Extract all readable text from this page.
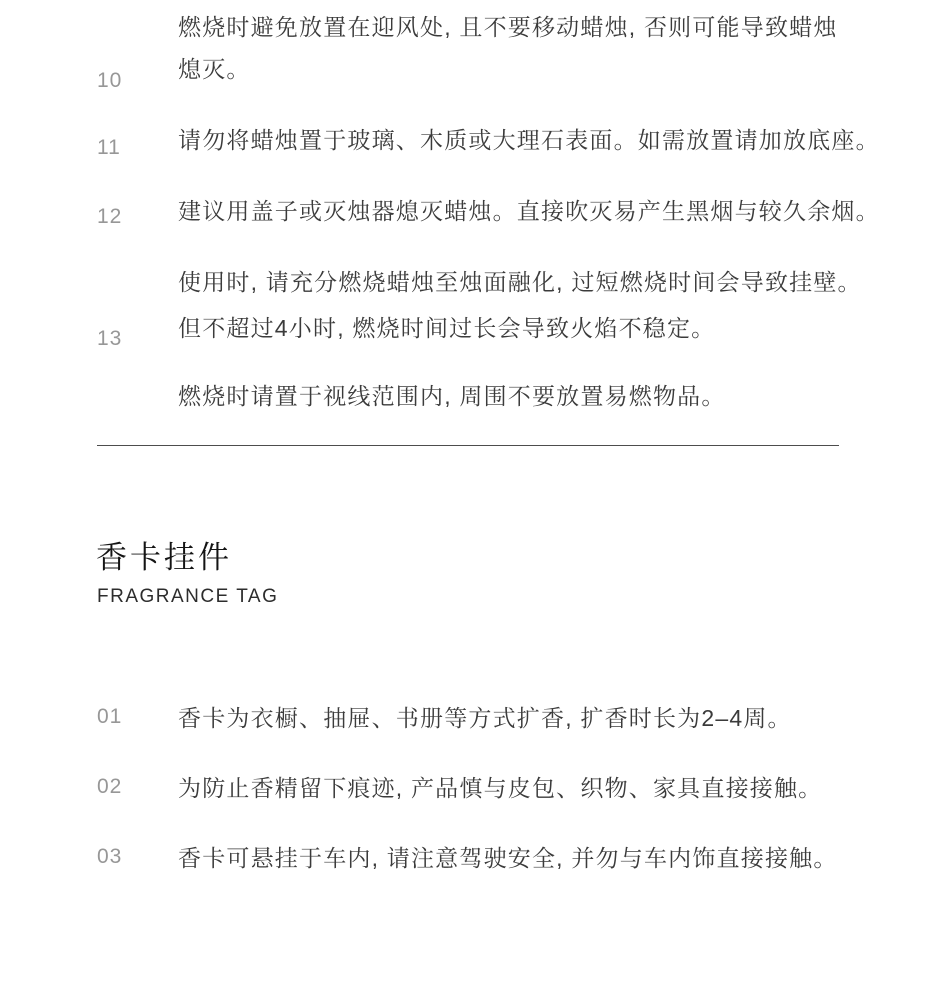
10
燃烧时避免放置在迎风处, 且不要移动蜡烛, 否则可能导致蜡烛
熄灭。
11 请勿将蜡烛置于玻璃、木质或大理石表面。如需放置请加放底座。
12 建议用盖子或灭烛器熄灭蜡烛。直接吹灭易产生黑烟与较久余烟。
13
使用时, 请充分燃烧蜡烛至烛面融化, 过短燃烧时间会导致挂壁。
但不超过4小时, 燃烧时间过长会导致火焰不稳定。
燃烧时请置于视线范围内, 周围不要放置易燃物品。
香卡挂件
FRAGRANCE TAG
01 香卡为衣橱、抽屉、书册等方式扩香, 扩香时长为2–4周。
02 为防止香精留下痕迹, 产品慎与皮包、织物、家具直接接触。
03 香卡可悬挂于车内, 请注意驾驶安全, 并勿与车内饰直接接触。
